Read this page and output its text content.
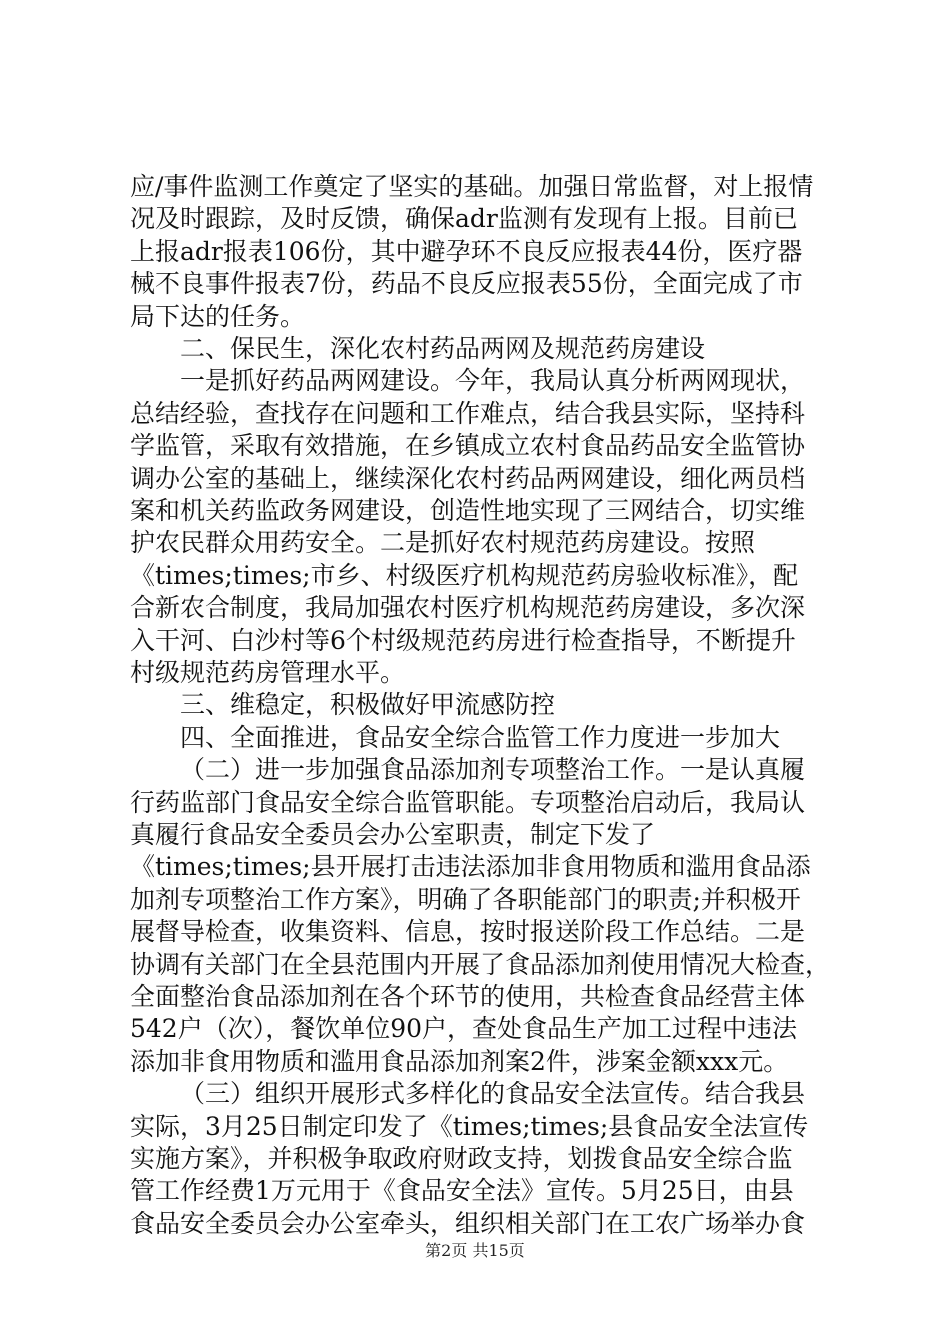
应/事件监测工作奠定了坚实的基础。加强日常监督，对上报情
况及时跟踪，及时反馈，确保adr监测有发现有上报。目前已
上报adr报表106份，其中避孕环不良反应报表44份，医疗器
械不良事件报表7份，药品不良反应报表55份，全面完成了市
局下达的任务。
二、保民生，深化农村药品两网及规范药房建设
一是抓好药品两网建设。今年，我局认真分析两网现状，
总结经验，查找存在问题和工作难点，结合我县实际，坚持科
学监管，采取有效措施，在乡镇成立农村食品药品安全监管协
调办公室的基础上，继续深化农村药品两网建设，细化两员档
案和机关药监政务网建设，创造性地实现了三网结合，切实维
护农民群众用药安全。二是抓好农村规范药房建设。按照
《times;times;市乡、村级医疗机构规范药房验收标准》，配
合新农合制度，我局加强农村医疗机构规范药房建设，多次深
入干河、白沙村等6个村级规范药房进行检查指导，不断提升
村级规范药房管理水平。
三、维稳定，积极做好甲流感防控
四、全面推进，食品安全综合监管工作力度进一步加大
（二）进一步加强食品添加剂专项整治工作。一是认真履
行药监部门食品安全综合监管职能。专项整治启动后，我局认
真履行食品安全委员会办公室职责，制定下发了
《times;times;县开展打击违法添加非食用物质和滥用食品添
加剂专项整治工作方案》，明确了各职能部门的职责;并积极开
展督导检查，收集资料、信息，按时报送阶段工作总结。二是
协调有关部门在全县范围内开展了食品添加剂使用情况大检查，
全面整治食品添加剂在各个环节的使用，共检查食品经营主体
542户（次），餐饮单位90户，查处食品生产加工过程中违法
添加非食用物质和滥用食品添加剂案2件，涉案金额xxx元。
（三）组织开展形式多样化的食品安全法宣传。结合我县
实际，3月25日制定印发了《times;times;县食品安全法宣传
实施方案》，并积极争取政府财政支持，划拨食品安全综合监
管工作经费1万元用于《食品安全法》宣传。5月25日，由县
食品安全委员会办公室牵头，组织相关部门在工农广场举办食
第2页 共15页
